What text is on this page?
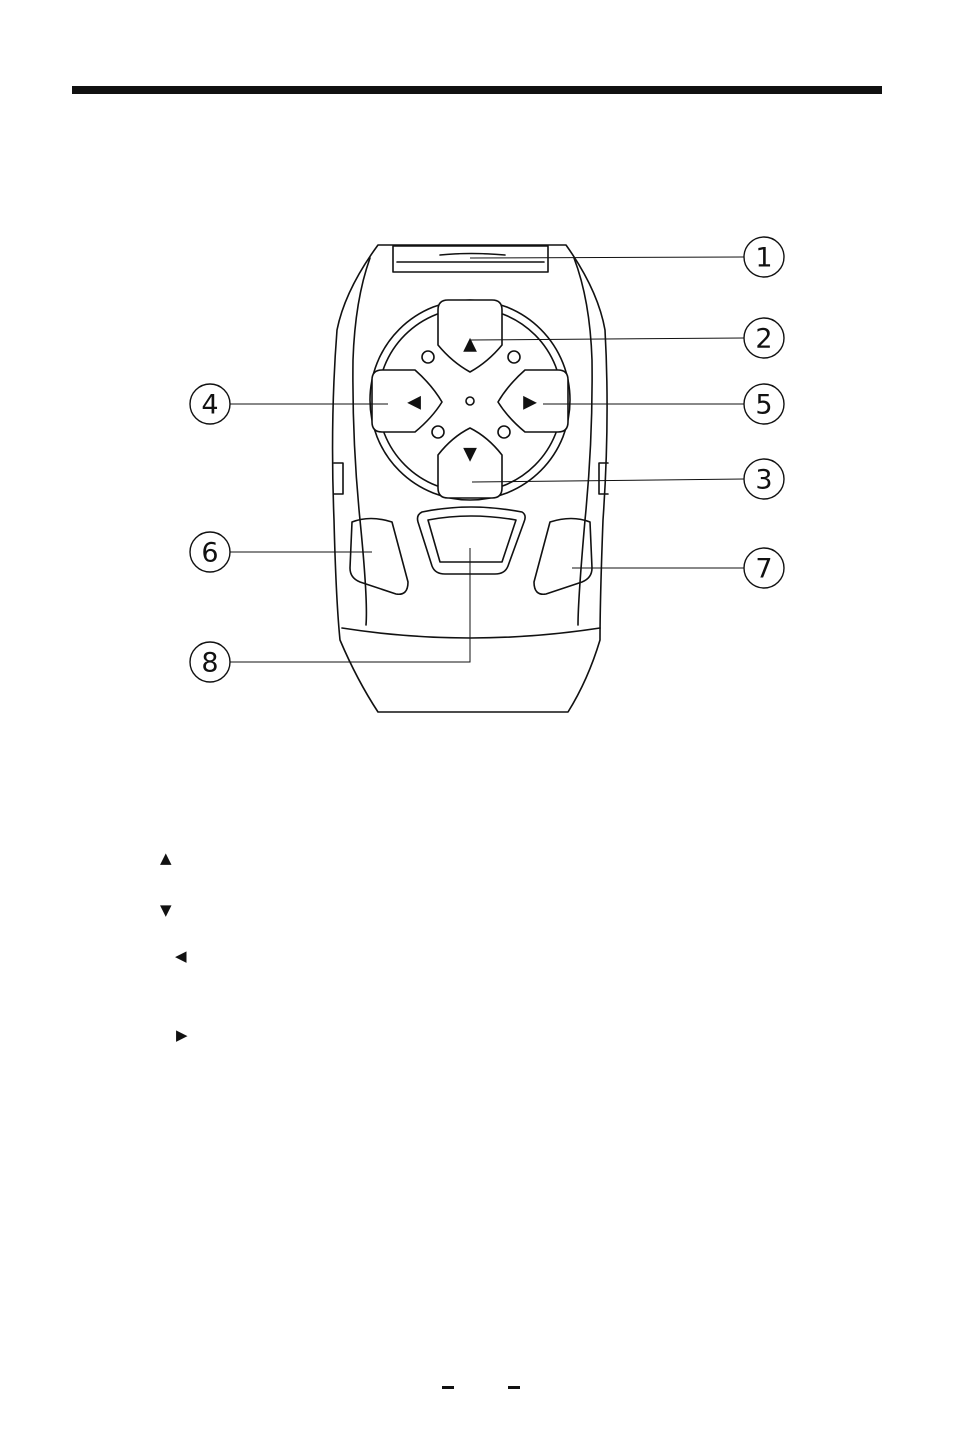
1
2
3
4	5
6
7
8
▲
▼
◀	▶
▲
▼
◀
▶
